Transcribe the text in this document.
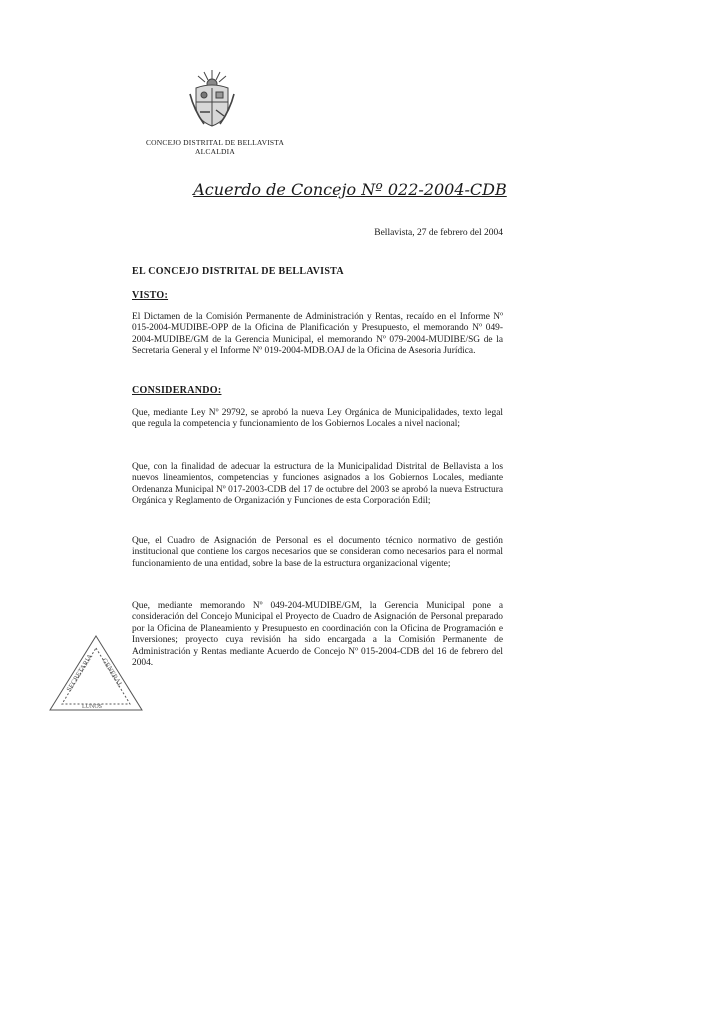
CONCEJO DISTRITAL DE BELLAVISTA
ALCALDIA
Acuerdo de Concejo Nº 022-2004-CDB
Bellavista, 27 de febrero del 2004
EL CONCEJO DISTRITAL DE BELLAVISTA
VISTO:

El Dictamen de la Comisión Permanente de Administración y Rentas, recaído en el Informe Nº 015-2004-MUDIBE-OPP de la Oficina de Planificación y Presupuesto, el memorando Nº 049-2004-MUDIBE/GM de la Gerencia Municipal, el memorando Nº 079-2004-MUDIBE/SG de la Secretaria General y el Informe Nº 019-2004-MDB.OAJ de la Oficina de Asesoria Jurídica.

CONSIDERANDO:

Que, mediante Ley Nº 29792, se aprobó la nueva Ley Orgánica de Municipalidades, texto legal que regula la competencia y funcionamiento de los Gobiernos Locales a nivel nacional;

Que, con la finalidad de adecuar la estructura de la Municipalidad Distrital de Bellavista a los nuevos lineamientos, competencias y funciones asignados a los Gobiernos Locales, mediante Ordenanza Municipal Nº 017-2003-CDB del 17 de octubre del 2003 se aprobó la nueva Estructura Orgánica y Reglamento de Organización y Funciones de esta Corporación Edil;

Que, el Cuadro de Asignación de Personal es el documento técnico normativo de gestión institucional que contiene los cargos necesarios que se consideran como necesarios para el normal funcionamiento de una entidad, sobre la base de la estructura organizacional vigente;

Que, mediante memorando Nº 049-204-MUDIBE/GM, la Gerencia Municipal pone a consideración del Concejo Municipal el Proyecto de Cuadro de Asignación de Personal preparado por la Oficina de Planeamiento y Presupuesto en coordinación con la Oficina de Programación e Inversiones; proyecto cuya revisión ha sido encargada a la Comisión Permanente de Administración y Rentas mediante Acuerdo de Concejo Nº 015-2004-CDB del 16 de febrero del 2004.

SECRETARIA GENERAL
LUNOS
